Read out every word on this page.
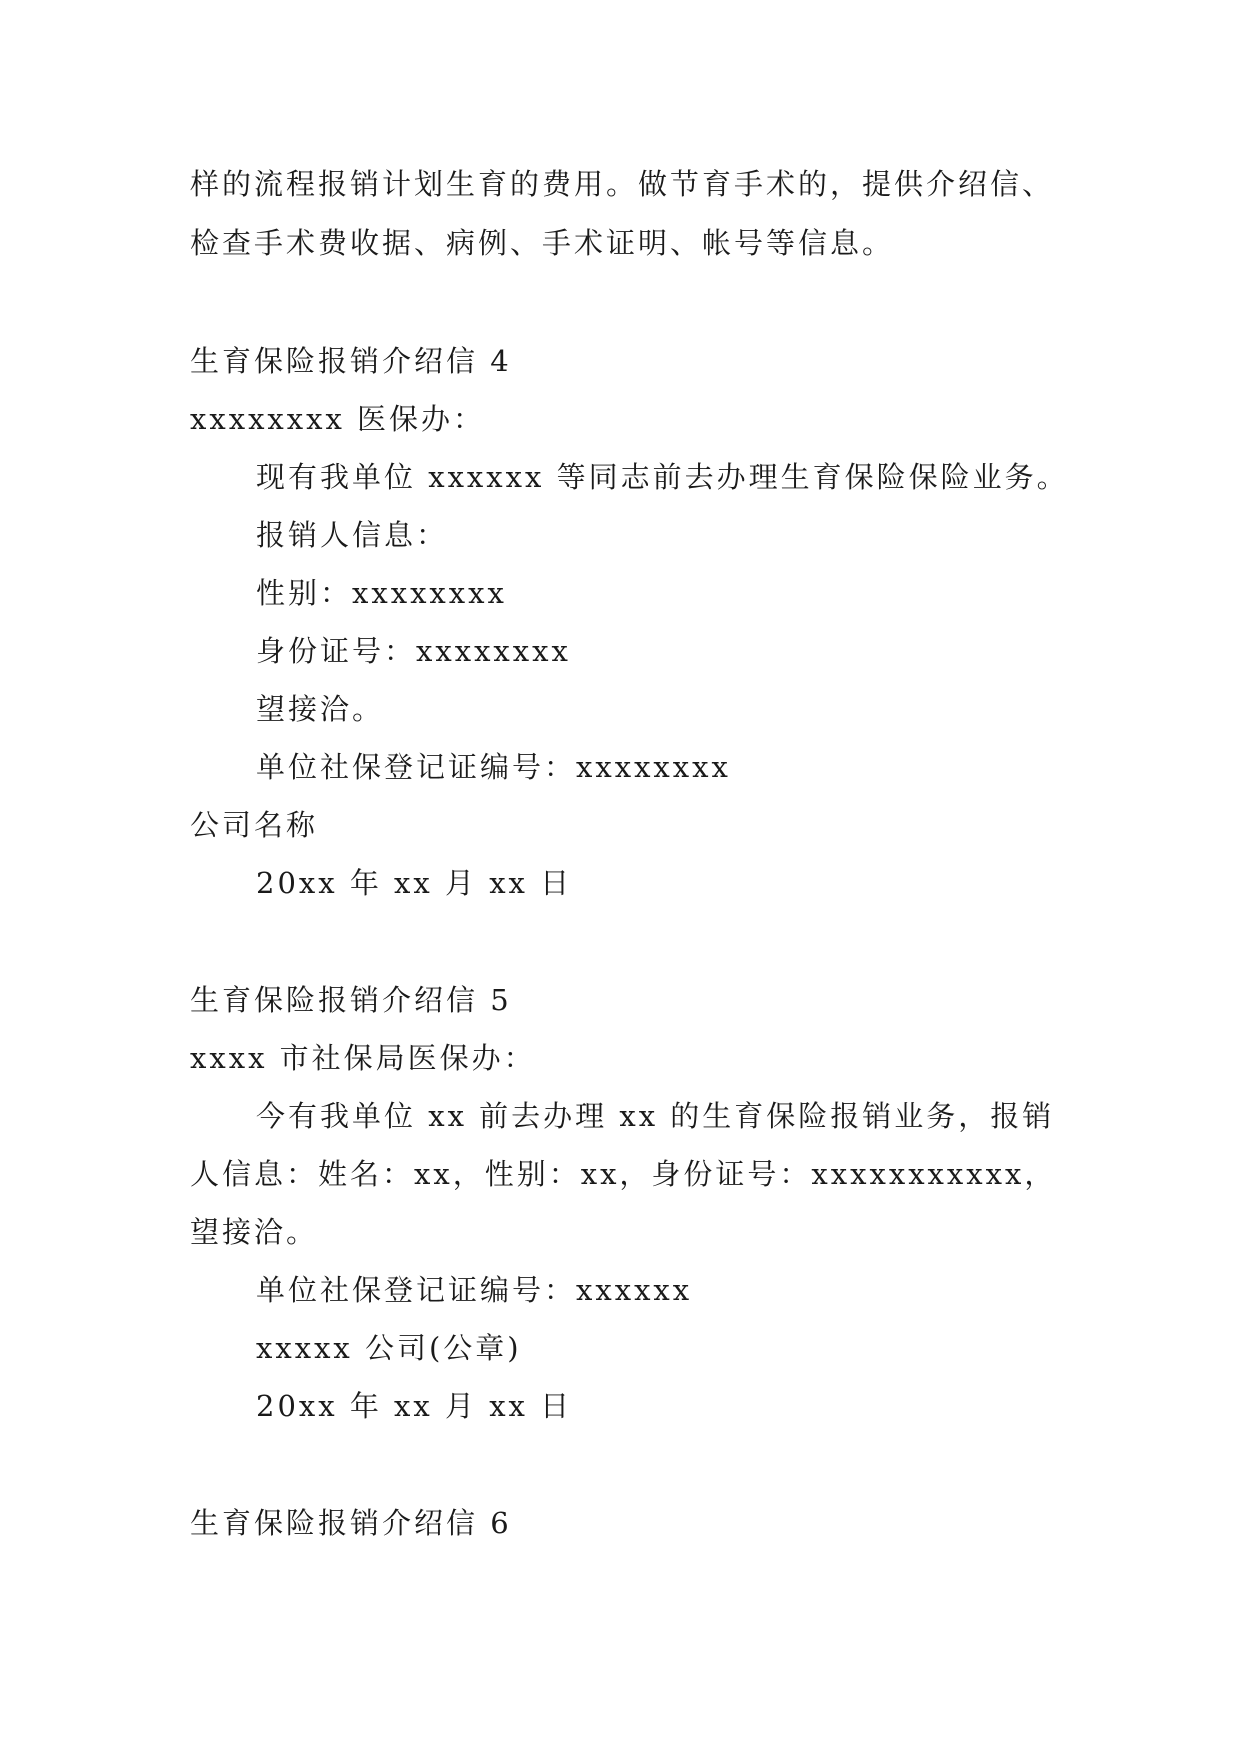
样的流程报销计划生育的费用。做节育手术的，提供介绍信、
检查手术费收据、病例、手术证明、帐号等信息。
生育保险报销介绍信 4
xxxxxxxx 医保办：
现有我单位 xxxxxx 等同志前去办理生育保险保险业务。
报销人信息：
性别：xxxxxxxx
身份证号：xxxxxxxx
望接洽。
单位社保登记证编号：xxxxxxxx
公司名称
20xx 年 xx 月 xx 日
生育保险报销介绍信 5
xxxx 市社保局医保办：
今有我单位 xx 前去办理 xx 的生育保险报销业务，报销
人信息：姓名：xx，性别：xx，身份证号：xxxxxxxxxxx，
望接洽。
单位社保登记证编号：xxxxxx
xxxxx 公司(公章)
20xx 年 xx 月 xx 日
生育保险报销介绍信 6
